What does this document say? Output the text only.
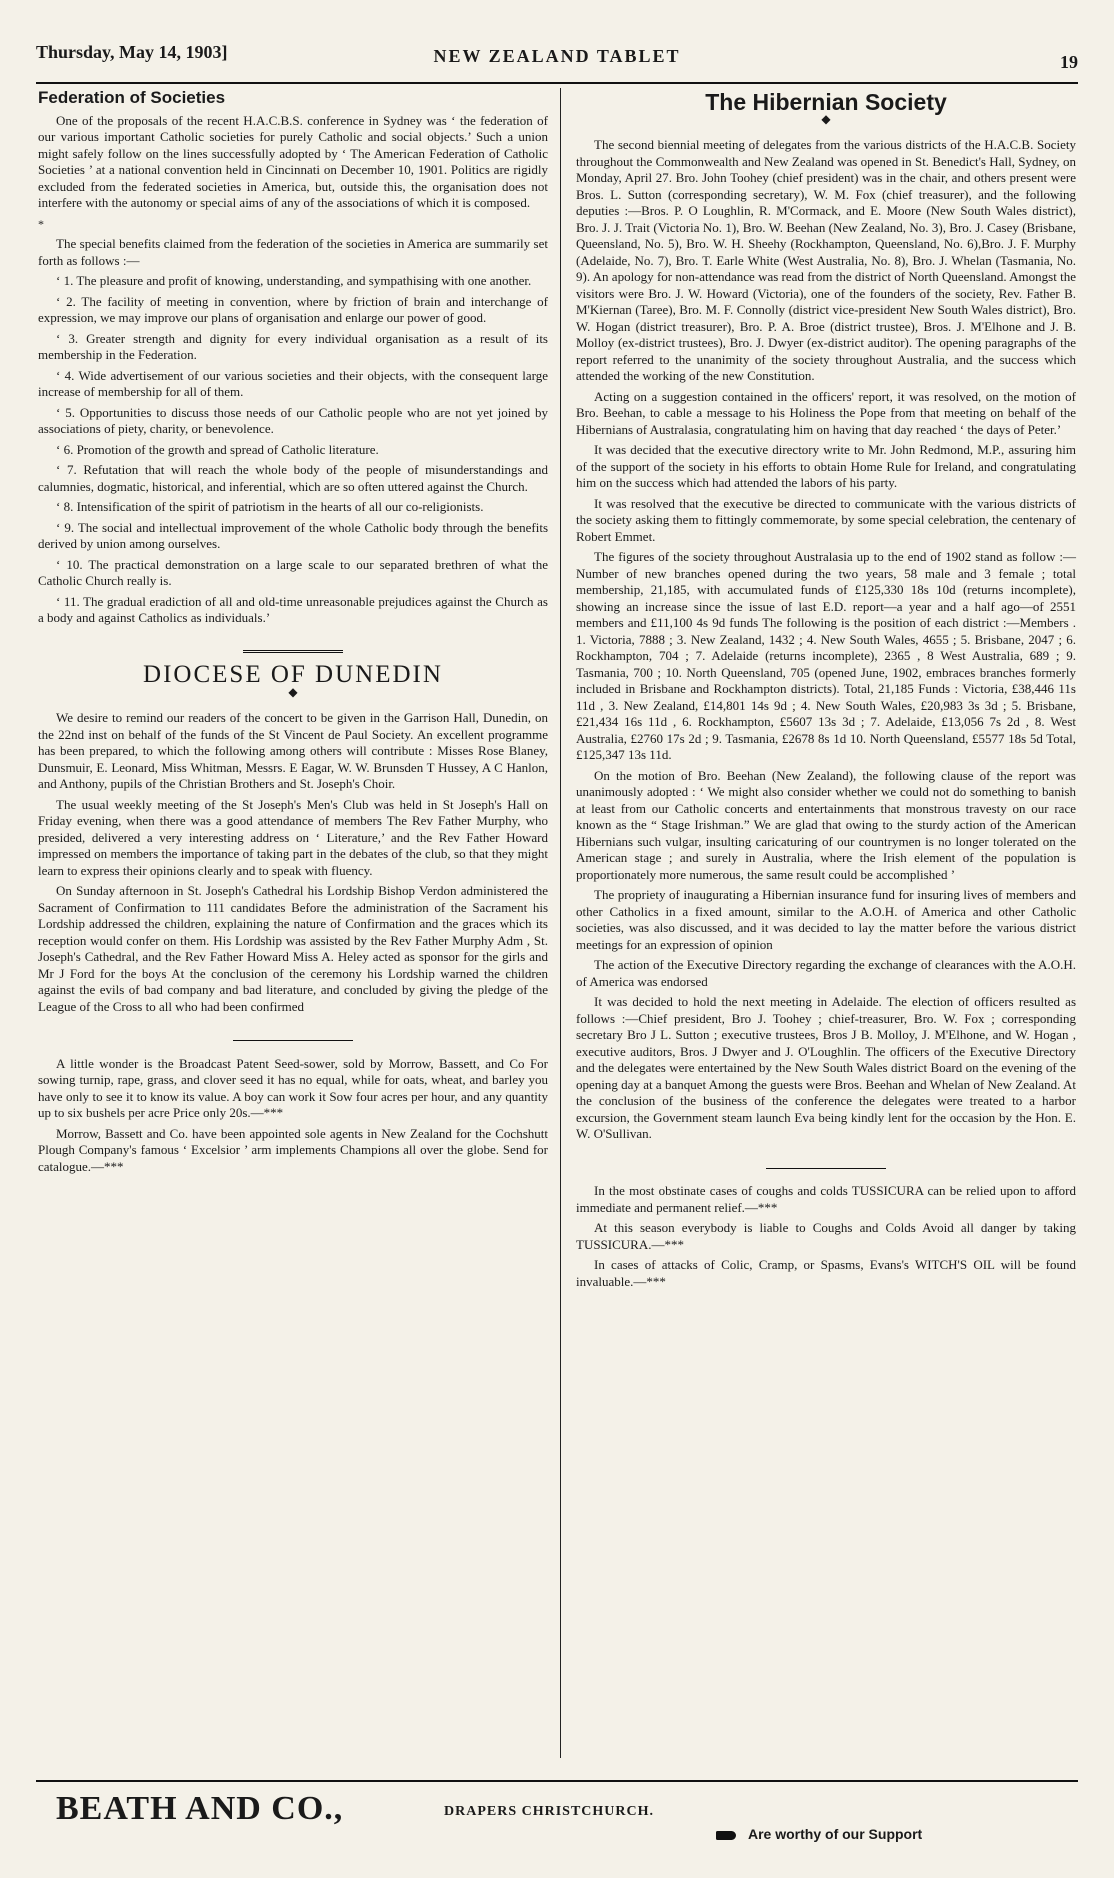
Thursday, May 14, 1903]	NEW ZEALAND TABLET	19
Federation of Societies

One of the proposals of the recent H.A.C.B.S. conference in Sydney was ‘ the federation of our various important Catholic societies for purely Catholic and social objects.’ Such a union might safely follow on the lines successfully adopted by ‘ The American Federation of Catholic Societies ’ at a national convention held in Cincinnati on December 10, 1901. Politics are rigidly excluded from the federated societies in America, but, outside this, the organisation does not interfere with the autonomy or special aims of any of the associations of which it is composed.

*

The special benefits claimed from the federation of the societies in America are summarily set forth as follows :—

‘ 1. The pleasure and profit of knowing, understanding, and sympathising with one another.

‘ 2. The facility of meeting in convention, where by friction of brain and interchange of expression, we may improve our plans of organisation and enlarge our power of good.

‘ 3. Greater strength and dignity for every individual organisation as a result of its membership in the Federation.

‘ 4. Wide advertisement of our various societies and their objects, with the consequent large increase of membership for all of them.

‘ 5. Opportunities to discuss those needs of our Catholic people who are not yet joined by associations of piety, charity, or benevolence.

‘ 6. Promotion of the growth and spread of Catholic literature.

‘ 7. Refutation that will reach the whole body of the people of misunderstandings and calumnies, dogmatic, historical, and inferential, which are so often uttered against the Church.

‘ 8. Intensification of the spirit of patriotism in the hearts of all our co-religionists.

‘ 9. The social and intellectual improvement of the whole Catholic body through the benefits derived by union among ourselves.

‘ 10. The practical demonstration on a large scale to our separated brethren of what the Catholic Church really is.

‘ 11. The gradual eradiction of all and old-time unreasonable prejudices against the Church as a body and against Catholics as individuals.’

DIOCESE OF DUNEDIN
◆

We desire to remind our readers of the concert to be given in the Garrison Hall, Dunedin, on the 22nd inst on behalf of the funds of the St Vincent de Paul Society. An excellent programme has been prepared, to which the following among others will contribute : Misses Rose Blaney, Dunsmuir, E. Leonard, Miss Whitman, Messrs. E Eagar, W. W. Brunsden T Hussey, A C Hanlon, and Anthony, pupils of the Christian Brothers and St. Joseph's Choir.

The usual weekly meeting of the St Joseph's Men's Club was held in St Joseph's Hall on Friday evening, when there was a good attendance of members The Rev Father Murphy, who presided, delivered a very interesting address on ‘ Literature,’ and the Rev Father Howard impressed on members the importance of taking part in the debates of the club, so that they might learn to express their opinions clearly and to speak with fluency.

On Sunday afternoon in St. Joseph's Cathedral his Lordship Bishop Verdon administered the Sacrament of Confirmation to 111 candidates Before the administration of the Sacrament his Lordship addressed the children, explaining the nature of Confirmation and the graces which its reception would confer on them. His Lordship was assisted by the Rev Father Murphy Adm , St. Joseph's Cathedral, and the Rev Father Howard Miss A. Heley acted as sponsor for the girls and Mr J Ford for the boys At the conclusion of the ceremony his Lordship warned the children against the evils of bad company and bad literature, and concluded by giving the pledge of the League of the Cross to all who had been confirmed

A little wonder is the Broadcast Patent Seed-sower, sold by Morrow, Bassett, and Co For sowing turnip, rape, grass, and clover seed it has no equal, while for oats, wheat, and barley you have only to see it to know its value. A boy can work it Sow four acres per hour, and any quantity up to six bushels per acre Price only 20s.—***

Morrow, Bassett and Co. have been appointed sole agents in New Zealand for the Cochshutt Plough Company's famous ‘ Excelsior ’ arm implements Champions all over the globe. Send for catalogue.—***

The Hibernian Society
◆

The second biennial meeting of delegates from the various districts of the H.A.C.B. Society throughout the Commonwealth and New Zealand was opened in St. Benedict's Hall, Sydney, on Monday, April 27. Bro. John Toohey (chief president) was in the chair, and others present were Bros. L. Sutton (corresponding secretary), W. M. Fox (chief treasurer), and the following deputies :—Bros. P. O Loughlin, R. M'Cormack, and E. Moore (New South Wales district), Bro. J. J. Trait (Victoria No. 1), Bro. W. Beehan (New Zealand, No. 3), Bro. J. Casey (Brisbane, Queensland, No. 5), Bro. W. H. Sheehy (Rockhampton, Queensland, No. 6),Bro. J. F. Murphy (Adelaide, No. 7), Bro. T. Earle White (West Australia, No. 8), Bro. J. Whelan (Tasmania, No. 9). An apology for non-attendance was read from the district of North Queensland. Amongst the visitors were Bro. J. W. Howard (Victoria), one of the founders of the society, Rev. Father B. M'Kiernan (Taree), Bro. M. F. Connolly (district vice-president New South Wales district), Bro. W. Hogan (district treasurer), Bro. P. A. Broe (district trustee), Bros. J. M'Elhone and J. B. Molloy (ex-district trustees), Bro. J. Dwyer (ex-district auditor). The opening paragraphs of the report referred to the unanimity of the society throughout Australia, and the success which attended the working of the new Constitution.

Acting on a suggestion contained in the officers' report, it was resolved, on the motion of Bro. Beehan, to cable a message to his Holiness the Pope from that meeting on behalf of the Hibernians of Australasia, congratulating him on having that day reached ‘ the days of Peter.’

It was decided that the executive directory write to Mr. John Redmond, M.P., assuring him of the support of the society in his efforts to obtain Home Rule for Ireland, and congratulating him on the success which had attended the labors of his party.

It was resolved that the executive be directed to communicate with the various districts of the society asking them to fittingly commemorate, by some special celebration, the centenary of Robert Emmet.

The figures of the society throughout Australasia up to the end of 1902 stand as follow :—Number of new branches opened during the two years, 58 male and 3 female ; total membership, 21,185, with accumulated funds of £125,330 18s 10d (returns incomplete), showing an increase since the issue of last E.D. report—a year and a half ago—of 2551 members and £11,100 4s 9d funds The following is the position of each district :—Members . 1. Victoria, 7888 ; 3. New Zealand, 1432 ; 4. New South Wales, 4655 ; 5. Brisbane, 2047 ; 6. Rockhampton, 704 ; 7. Adelaide (returns incomplete), 2365 , 8 West Australia, 689 ; 9. Tasmania, 700 ; 10. North Queensland, 705 (opened June, 1902, embraces branches formerly included in Brisbane and Rockhampton districts). Total, 21,185 Funds : Victoria, £38,446 11s 11d , 3. New Zealand, £14,801 14s 9d ; 4. New South Wales, £20,983 3s 3d ; 5. Brisbane, £21,434 16s 11d , 6. Rockhampton, £5607 13s 3d ; 7. Adelaide, £13,056 7s 2d , 8. West Australia, £2760 17s 2d ; 9. Tasmania, £2678 8s 1d 10. North Queensland, £5577 18s 5d Total, £125,347 13s 11d.

On the motion of Bro. Beehan (New Zealand), the following clause of the report was unanimously adopted : ‘ We might also consider whether we could not do something to banish at least from our Catholic concerts and entertainments that monstrous travesty on our race known as the “ Stage Irishman.” We are glad that owing to the sturdy action of the American Hibernians such vulgar, insulting caricaturing of our countrymen is no longer tolerated on the American stage ; and surely in Australia, where the Irish element of the population is proportionately more numerous, the same result could be accomplished ’

The propriety of inaugurating a Hibernian insurance fund for insuring lives of members and other Catholics in a fixed amount, similar to the A.O.H. of America and other Catholic societies, was also discussed, and it was decided to lay the matter before the various district meetings for an expression of opinion

The action of the Executive Directory regarding the exchange of clearances with the A.O.H. of America was endorsed

It was decided to hold the next meeting in Adelaide. The election of officers resulted as follows :—Chief president, Bro J. Toohey ; chief-treasurer, Bro. W. Fox ; corresponding secretary Bro J L. Sutton ; executive trustees, Bros J B. Molloy, J. M'Elhone, and W. Hogan , executive auditors, Bros. J Dwyer and J. O'Loughlin. The officers of the Executive Directory and the delegates were entertained by the New South Wales district Board on the evening of the opening day at a banquet Among the guests were Bros. Beehan and Whelan of New Zealand. At the conclusion of the business of the conference the delegates were treated to a harbor excursion, the Government steam launch Eva being kindly lent for the occasion by the Hon. E. W. O'Sullivan.

In the most obstinate cases of coughs and colds TUSSICURA can be relied upon to afford immediate and permanent relief.—***

At this season everybody is liable to Coughs and Colds Avoid all danger by taking TUSSICURA.—***

In cases of attacks of Colic, Cramp, or Spasms, Evans's WITCH'S OIL will be found invaluable.—***

BEATH AND CO.,	DRAPERS CHRISTCHURCH.
Are worthy of our Support
